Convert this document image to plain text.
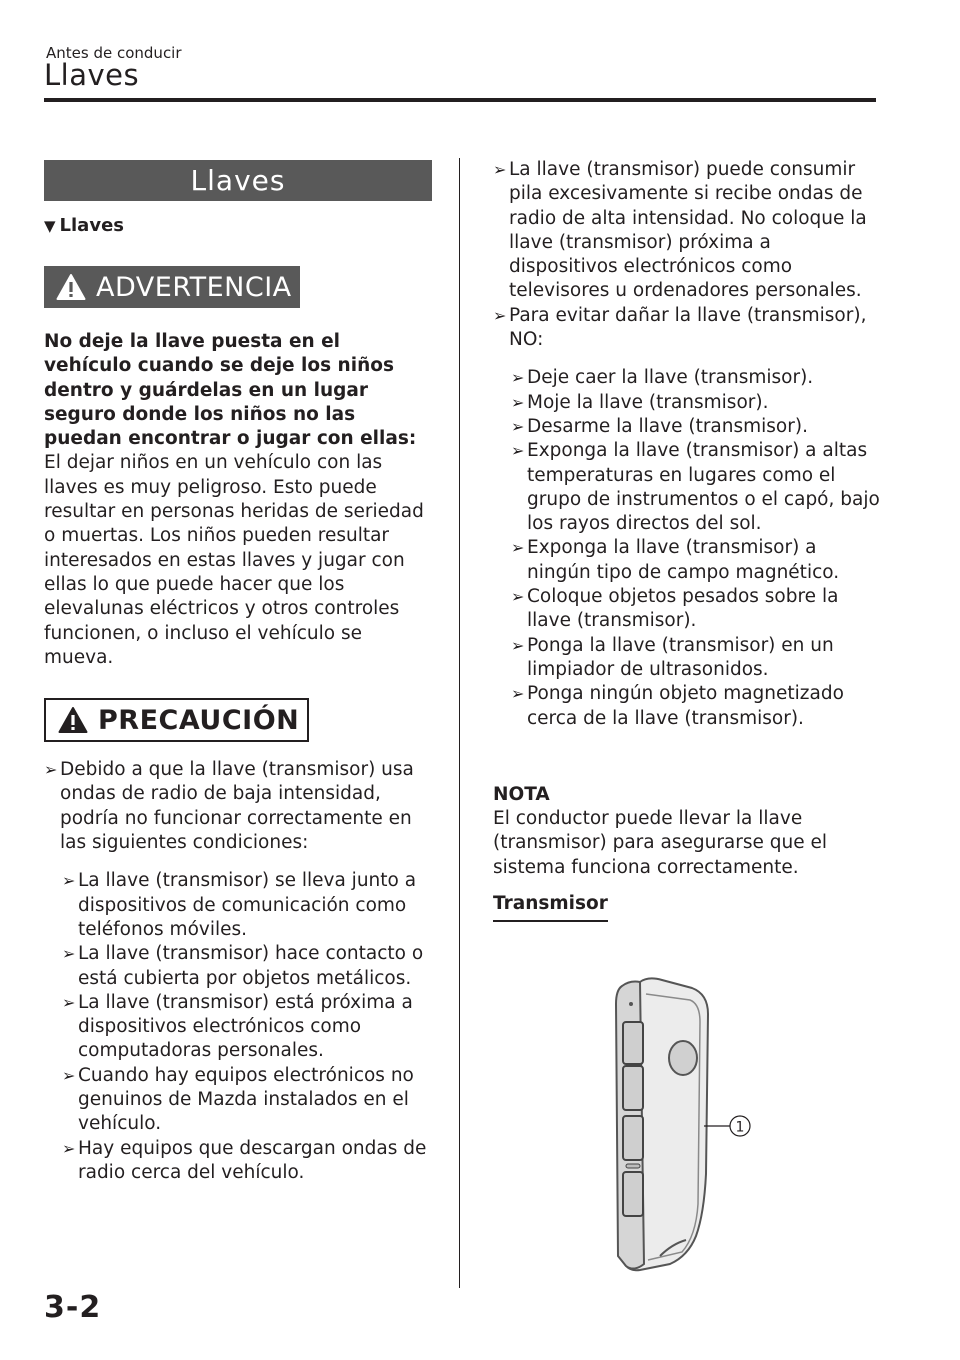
Antes de conducir
Llaves
Llaves
▼ Llaves
ADVERTENCIA
No deje la llave puesta en el vehículo cuando se deje los niños dentro y guárdelas en un lugar seguro donde los niños no las puedan encontrar o jugar con ellas:
El dejar niños en un vehículo con las llaves es muy peligroso. Esto puede resultar en personas heridas de seriedad o muertas. Los niños pueden resultar interesados en estas llaves y jugar con ellas lo que puede hacer que los elevalunas eléctricos y otros controles funcionen, o incluso el vehículo se mueva.
PRECAUCIÓN
➢ Debido a que la llave (transmisor) usa ondas de radio de baja intensidad, podría no funcionar correctamente en las siguientes condiciones:
➢ La llave (transmisor) se lleva junto a dispositivos de comunicación como teléfonos móviles.
➢ La llave (transmisor) hace contacto o está cubierta por objetos metálicos.
➢ La llave (transmisor) está próxima a dispositivos electrónicos como computadoras personales.
➢ Cuando hay equipos electrónicos no genuinos de Mazda instalados en el vehículo.
➢ Hay equipos que descargan ondas de radio cerca del vehículo.
➢ La llave (transmisor) puede consumir pila excesivamente si recibe ondas de radio de alta intensidad. No coloque la llave (transmisor) próxima a dispositivos electrónicos como televisores u ordenadores personales.
➢ Para evitar dañar la llave (transmisor), NO:
➢ Deje caer la llave (transmisor).
➢ Moje la llave (transmisor).
➢ Desarme la llave (transmisor).
➢ Exponga la llave (transmisor) a altas temperaturas en lugares como el grupo de instrumentos o el capó, bajo los rayos directos del sol.
➢ Exponga la llave (transmisor) a ningún tipo de campo magnético.
➢ Coloque objetos pesados sobre la llave (transmisor).
➢ Ponga la llave (transmisor) en un limpiador de ultrasonidos.
➢ Ponga ningún objeto magnetizado cerca de la llave (transmisor).
NOTA
El conductor puede llevar la llave (transmisor) para asegurarse que el sistema funciona correctamente.
Transmisor
1
3-2
